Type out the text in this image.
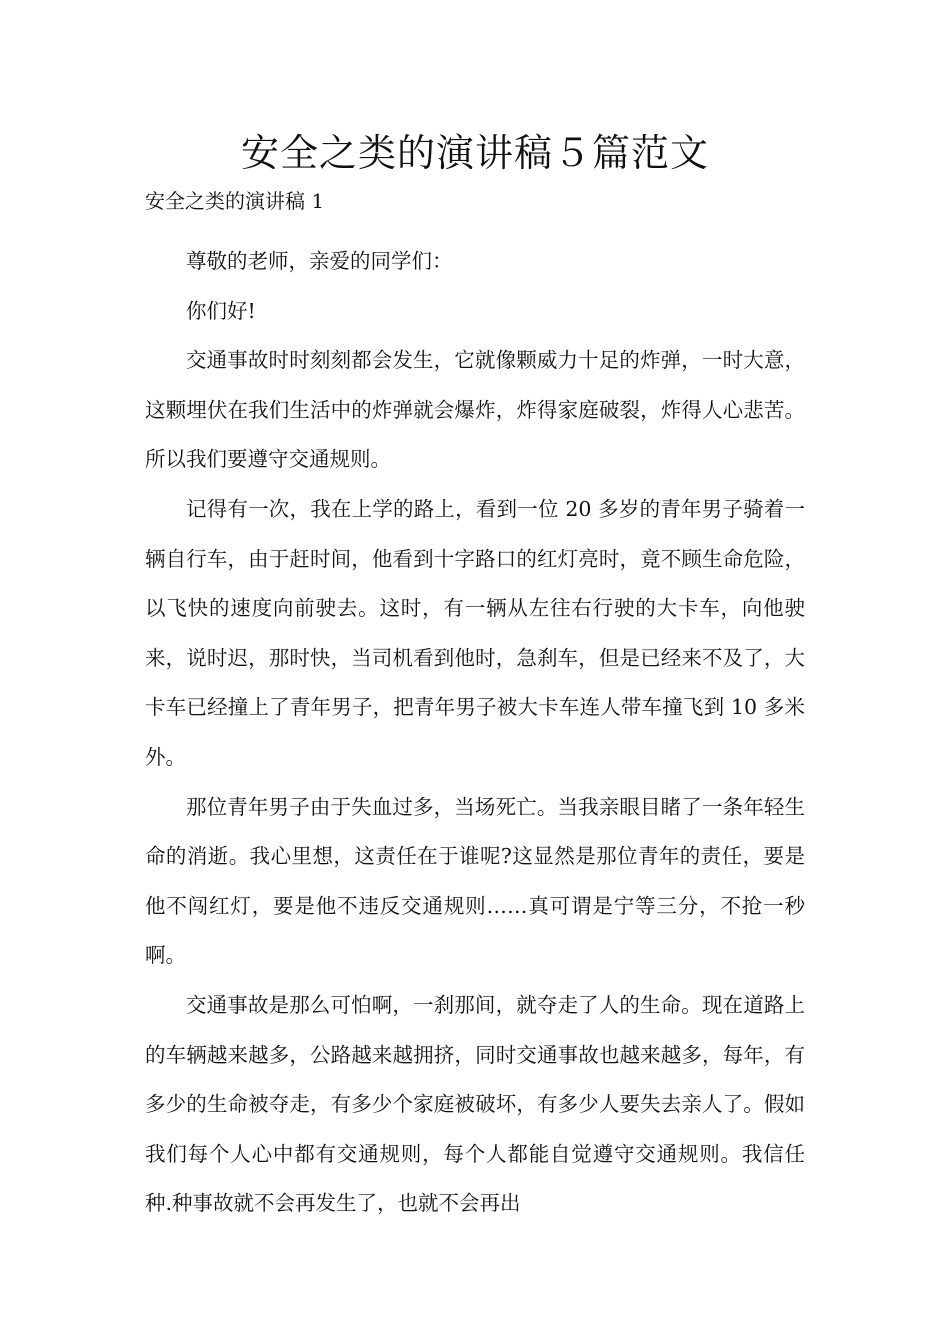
安全之类的演讲稿５篇范文

安全之类的演讲稿 1

尊敬的老师，亲爱的同学们：

你们好!

交通事故时时刻刻都会发生，它就像颗威力十足的炸弹，一时大意，这颗埋伏在我们生活中的炸弹就会爆炸，炸得家庭破裂，炸得人心悲苦。所以我们要遵守交通规则。

记得有一次，我在上学的路上，看到一位 20 多岁的青年男子骑着一辆自行车，由于赶时间，他看到十字路口的红灯亮时，竟不顾生命危险，以飞快的速度向前驶去。这时，有一辆从左往右行驶的大卡车，向他驶来，说时迟，那时快，当司机看到他时，急刹车，但是已经来不及了，大卡车已经撞上了青年男子，把青年男子被大卡车连人带车撞飞到 10 多米外。

那位青年男子由于失血过多，当场死亡。当我亲眼目睹了一条年轻生命的消逝。我心里想，这责任在于谁呢?这显然是那位青年的责任，要是他不闯红灯，要是他不违反交通规则……真可谓是宁等三分，不抢一秒啊。

交通事故是那么可怕啊，一刹那间，就夺走了人的生命。现在道路上的车辆越来越多，公路越来越拥挤，同时交通事故也越来越多，每年，有多少的生命被夺走，有多少个家庭被破坏，有多少人要失去亲人了。假如我们每个人心中都有交通规则，每个人都能自觉遵守交通规则。我信任种.种事故就不会再发生了，也就不会再出
